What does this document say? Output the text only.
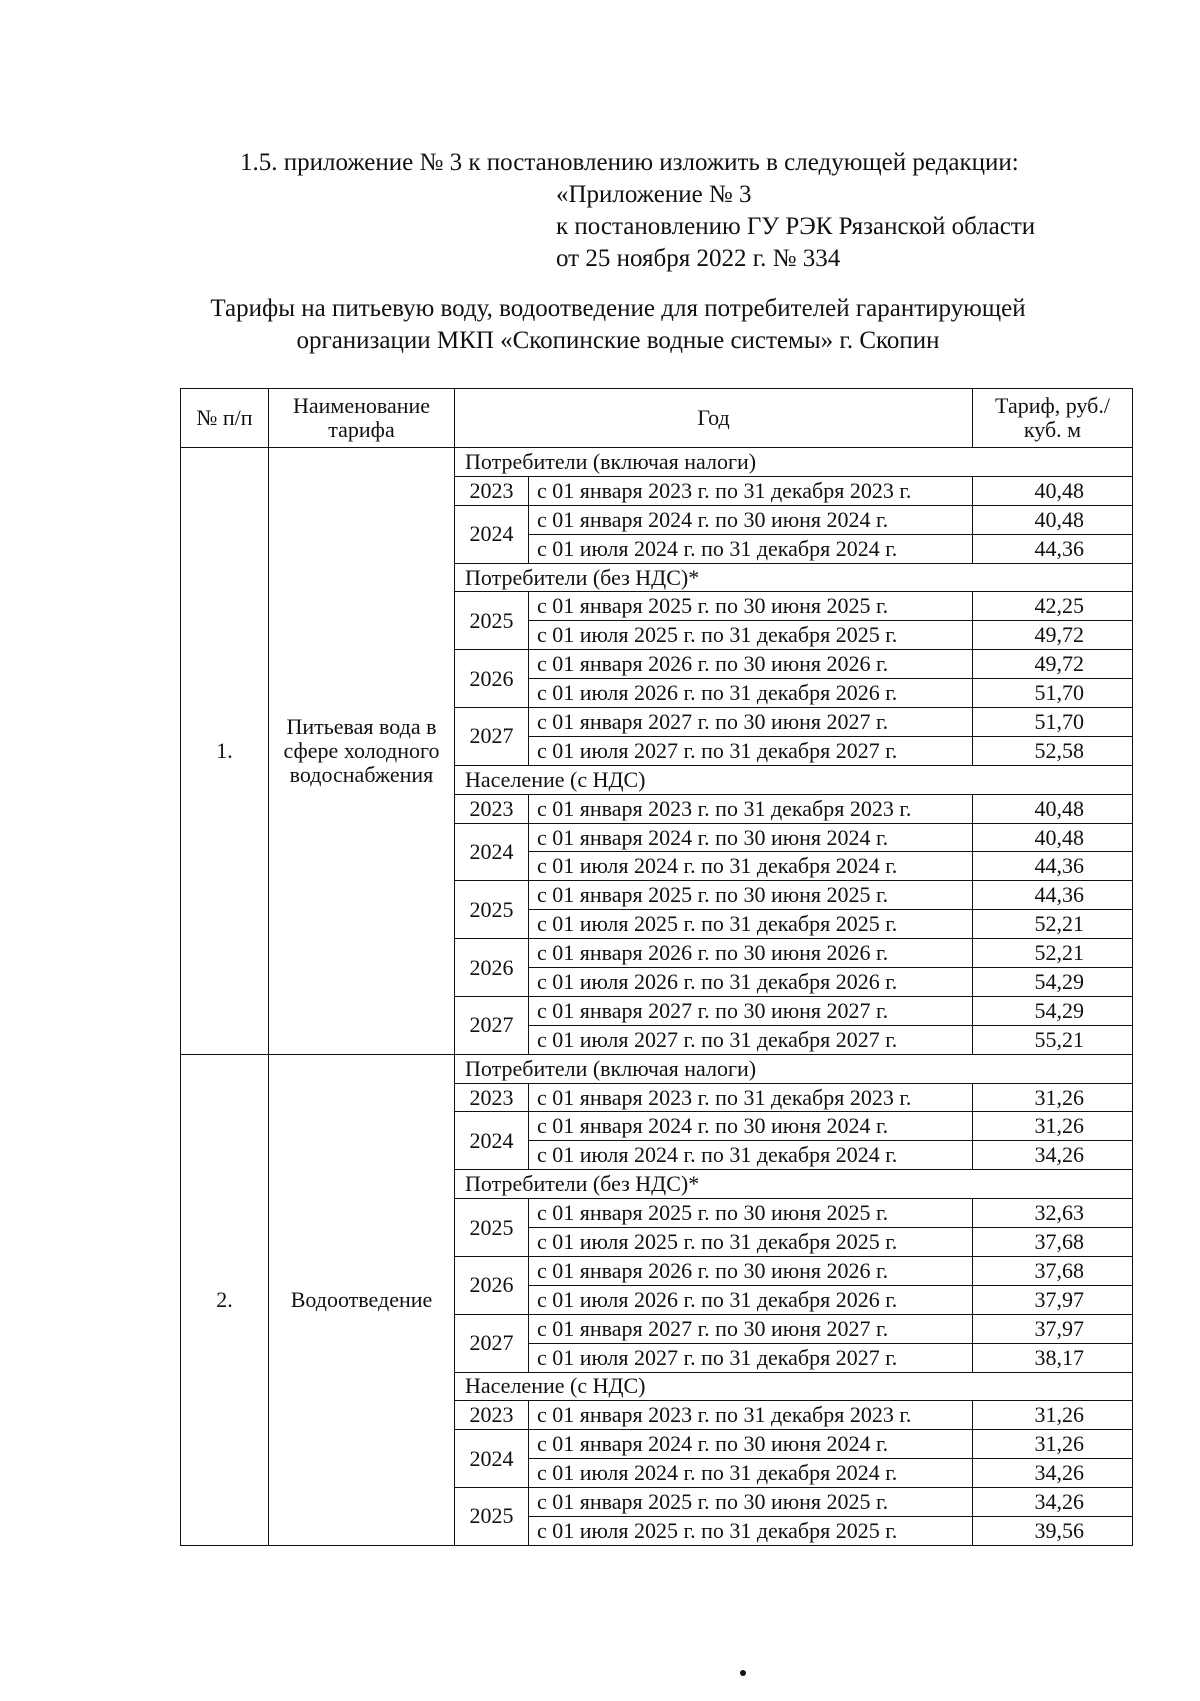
1.5. приложение № 3 к постановлению изложить в следующей редакции:
«Приложение № 3
к постановлению ГУ РЭК Рязанской области
от 25 ноября 2022 г. № 334
Тарифы на питьевую воду, водоотведение для потребителей гарантирующей
организации МКП «Скопинские водные системы» г. Скопин
№ п/п	Наименование тарифа	Год		Тариф, руб./куб. м
1.	Питьевая вода в сфере холодного водоснабжения	Потребители (включая налоги)		
		2023	с 01 января 2023 г. по 31 декабря 2023 г.	40,48
		2024	с 01 января 2024 г. по 30 июня 2024 г.	40,48
			с 01 июля 2024 г. по 31 декабря 2024 г.	44,36
		Потребители (без НДС)*		
		2025	с 01 января 2025 г. по 30 июня 2025 г.	42,25
			с 01 июля 2025 г. по 31 декабря 2025 г.	49,72
		2026	с 01 января 2026 г. по 30 июня 2026 г.	49,72
			с 01 июля 2026 г. по 31 декабря 2026 г.	51,70
		2027	с 01 января 2027 г. по 30 июня 2027 г.	51,70
			с 01 июля 2027 г. по 31 декабря 2027 г.	52,58
		Население (с НДС)		
		2023	с 01 января 2023 г. по 31 декабря 2023 г.	40,48
		2024	с 01 января 2024 г. по 30 июня 2024 г.	40,48
			с 01 июля 2024 г. по 31 декабря 2024 г.	44,36
		2025	с 01 января 2025 г. по 30 июня 2025 г.	44,36
			с 01 июля 2025 г. по 31 декабря 2025 г.	52,21
		2026	с 01 января 2026 г. по 30 июня 2026 г.	52,21
			с 01 июля 2026 г. по 31 декабря 2026 г.	54,29
		2027	с 01 января 2027 г. по 30 июня 2027 г.	54,29
			с 01 июля 2027 г. по 31 декабря 2027 г.	55,21
2.	Водоотведение	Потребители (включая налоги)		
		2023	с 01 января 2023 г. по 31 декабря 2023 г.	31,26
		2024	с 01 января 2024 г. по 30 июня 2024 г.	31,26
			с 01 июля 2024 г. по 31 декабря 2024 г.	34,26
		Потребители (без НДС)*		
		2025	с 01 января 2025 г. по 30 июня 2025 г.	32,63
			с 01 июля 2025 г. по 31 декабря 2025 г.	37,68
		2026	с 01 января 2026 г. по 30 июня 2026 г.	37,68
			с 01 июля 2026 г. по 31 декабря 2026 г.	37,97
		2027	с 01 января 2027 г. по 30 июня 2027 г.	37,97
			с 01 июля 2027 г. по 31 декабря 2027 г.	38,17
		Население (с НДС)		
		2023	с 01 января 2023 г. по 31 декабря 2023 г.	31,26
		2024	с 01 января 2024 г. по 30 июня 2024 г.	31,26
			с 01 июля 2024 г. по 31 декабря 2024 г.	34,26
		2025	с 01 января 2025 г. по 30 июня 2025 г.	34,26
			с 01 июля 2025 г. по 31 декабря 2025 г.	39,56
